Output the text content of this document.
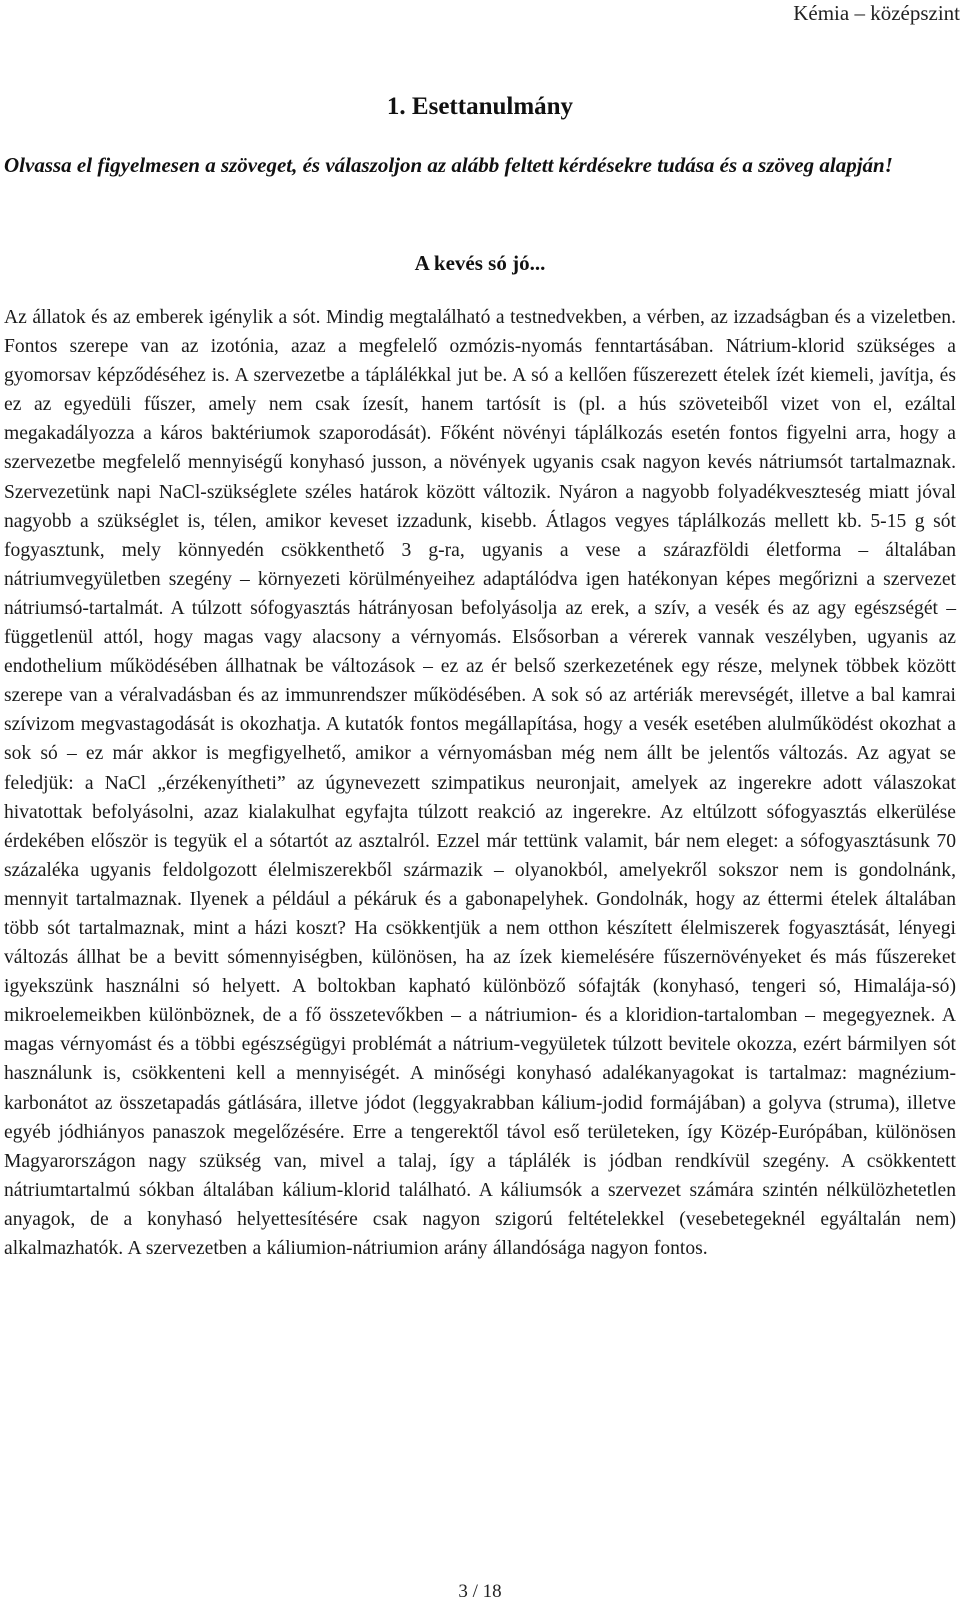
Kémia – középszint
1. Esettanulmány
Olvassa el figyelmesen a szöveget, és válaszoljon az alább feltett kérdésekre tudása és a szöveg alapján!
A kevés só jó...
Az állatok és az emberek igénylik a sót. Mindig megtalálható a testnedvekben, a vérben, az izzadságban és a vizeletben. Fontos szerepe van az izotónia, azaz a megfelelő ozmózis-nyomás fenntartásában. Nátrium-klorid szükséges a gyomorsav képződéséhez is. A szervezetbe a táplálékkal jut be. A só a kellően fűszerezett ételek ízét kiemeli, javítja, és ez az egyedüli fűszer, amely nem csak ízesít, hanem tartósít is (pl. a hús szöveteiből vizet von el, ezáltal megakadályozza a káros baktériumok szaporodását). Főként növényi táplálkozás esetén fontos figyelni arra, hogy a szervezetbe megfelelő mennyiségű konyhasó jusson, a növények ugyanis csak nagyon kevés nátriumsót tartalmaznak. Szervezetünk napi NaCl-szükséglete széles határok között változik. Nyáron a nagyobb folyadékveszteség miatt jóval nagyobb a szükséglet is, télen, amikor keveset izzadunk, kisebb. Átlagos vegyes táplálkozás mellett kb. 5-15 g sót fogyasztunk, mely könnyedén csökkenthető 3 g-ra, ugyanis a vese a szárazföldi életforma – általában nátriumvegyületben szegény – környezeti körülményeihez adaptálódva igen hatékonyan képes megőrizni a szervezet nátriumsó-tartalmát. A túlzott sófogyasztás hátrányosan befolyásolja az erek, a szív, a vesék és az agy egészségét – függetlenül attól, hogy magas vagy alacsony a vérnyomás. Elsősorban a vérerek vannak veszélyben, ugyanis az endothelium működésében állhatnak be változások – ez az ér belső szerkezetének egy része, melynek többek között szerepe van a véralvadásban és az immunrendszer működésében. A sok só az artériák merevségét, illetve a bal kamrai szívizom megvastagodását is okozhatja. A kutatók fontos megállapítása, hogy a vesék esetében alulműködést okozhat a sok só – ez már akkor is megfigyelhető, amikor a vérnyomásban még nem állt be jelentős változás. Az agyat se feledjük: a NaCl „érzékenyítheti” az úgynevezett szimpatikus neuronjait, amelyek az ingerekre adott válaszokat hivatottak befolyásolni, azaz kialakulhat egyfajta túlzott reakció az ingerekre. Az eltúlzott sófogyasztás elkerülése érdekében először is tegyük el a sótartót az asztalról. Ezzel már tettünk valamit, bár nem eleget: a sófogyasztásunk 70 százaléka ugyanis feldolgozott élelmiszerekből származik – olyanokból, amelyekről sokszor nem is gondolnánk, mennyit tartalmaznak. Ilyenek a például a pékáruk és a gabonapelyhek. Gondolnák, hogy az éttermi ételek általában több sót tartalmaznak, mint a házi koszt? Ha csökkentjük a nem otthon készített élelmiszerek fogyasztását, lényegi változás állhat be a bevitt sómennyiségben, különösen, ha az ízek kiemelésére fűszernövényeket és más fűszereket igyekszünk használni só helyett. A boltokban kapható különböző sófajták (konyhasó, tengeri só, Himalája-só) mikroelemeikben különböznek, de a fő összetevőkben – a nátriumion- és a kloridion-tartalomban – megegyeznek. A magas vérnyomást és a többi egészségügyi problémát a nátrium-vegyületek túlzott bevitele okozza, ezért bármilyen sót használunk is, csökkenteni kell a mennyiségét. A minőségi konyhasó adalékanyagokat is tartalmaz: magnézium-karbonátot az összetapadás gátlására, illetve jódot (leggyakrabban kálium-jodid formájában) a golyva (struma), illetve egyéb jódhiányos panaszok megelőzésére. Erre a tengerektől távol eső területeken, így Közép-Európában, különösen Magyarországon nagy szükség van, mivel a talaj, így a táplálék is jódban rendkívül szegény. A csökkentett nátriumtartalmú sókban általában kálium-klorid található. A káliumsók a szervezet számára szintén nélkülözhetetlen anyagok, de a konyhasó helyettesítésére csak nagyon szigorú feltételekkel (vesebetegeknél egyáltalán nem) alkalmazhatók. A szervezetben a káliumion-nátriumion arány állandósága nagyon fontos.
3 / 18
